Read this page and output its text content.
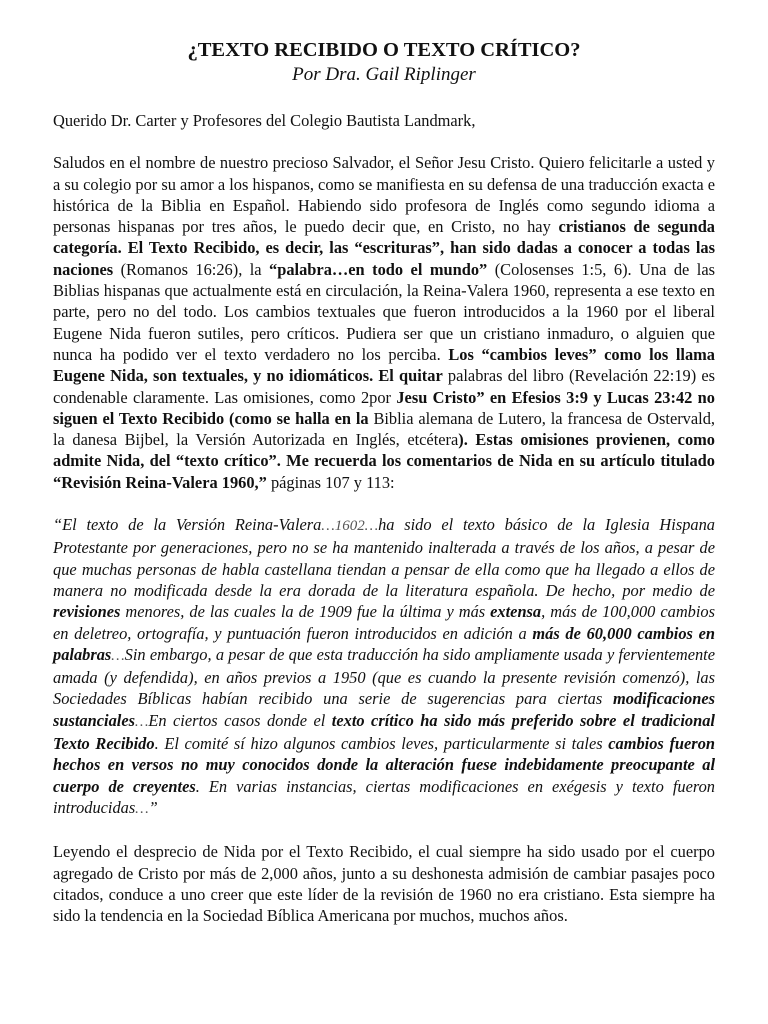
¿TEXTO RECIBIDO O TEXTO CRÍTICO?
Por Dra. Gail Riplinger

Querido Dr. Carter y Profesores del Colegio Bautista Landmark,

Saludos en el nombre de nuestro precioso Salvador, el Señor Jesu Cristo. Quiero felicitarle a usted y a su colegio por su amor a los hispanos, como se manifiesta en su defensa de una traducción exacta e histórica de la Biblia en Español. Habiendo sido profesora de Inglés como segundo idioma a personas hispanas por tres años, le puedo decir que, en Cristo, no hay cristianos de segunda categoría. El Texto Recibido, es decir, las “escrituras”, han sido dadas a conocer a todas las naciones (Romanos 16:26), la “palabra…en todo el mundo” (Colosenses 1:5, 6). Una de las Biblias hispanas que actualmente está en circulación, la Reina-Valera 1960, representa a ese texto en parte, pero no del todo. Los cambios textuales que fueron introducidos a la 1960 por el liberal Eugene Nida fueron sutiles, pero críticos. Pudiera ser que un cristiano inmaduro, o alguien que nunca ha podido ver el texto verdadero no los perciba. Los “cambios leves” como los llama Eugene Nida, son textuales, y no idiomáticos. El quitar palabras del libro (Revelación 22:19) es condenable claramente. Las omisiones, como 2por Jesu Cristo” en Efesios 3:9 y Lucas 23:42 no siguen el Texto Recibido (como se halla en la Biblia alemana de Lutero, la francesa de Ostervald, la danesa Bijbel, la Versión Autorizada en Inglés, etcétera). Estas omisiones provienen, como admite Nida, del “texto crítico”. Me recuerda los comentarios de Nida en su artículo titulado “Revisión Reina-Valera 1960,” páginas 107 y 113:

“El texto de la Versión Reina-Valera…1602…ha sido el texto básico de la Iglesia Hispana Protestante por generaciones, pero no se ha mantenido inalterada a través de los años, a pesar de que muchas personas de habla castellana tiendan a pensar de ella como que ha llegado a ellos de manera no modificada desde la era dorada de la literatura española. De hecho, por medio de revisiones menores, de las cuales la de 1909 fue la última y más extensa, más de 100,000 cambios en deletreo, ortografía, y puntuación fueron introducidos en adición a más de 60,000 cambios en palabras…Sin embargo, a pesar de que esta traducción ha sido ampliamente usada y fervientemente amada (y defendida), en años previos a 1950 (que es cuando la presente revisión comenzó), las Sociedades Bíblicas habían recibido una serie de sugerencias para ciertas modificaciones sustanciales…En ciertos casos donde el texto crítico ha sido más preferido sobre el tradicional Texto Recibido. El comité sí hizo algunos cambios leves, particularmente si tales cambios fueron hechos en versos no muy conocidos donde la alteración fuese indebidamente preocupante al cuerpo de creyentes. En varias instancias, ciertas modificaciones en exégesis y texto fueron introducidas…”

Leyendo el desprecio de Nida por el Texto Recibido, el cual siempre ha sido usado por el cuerpo agregado de Cristo por más de 2,000 años, junto a su deshonesta admisión de cambiar pasajes poco citados, conduce a uno creer que este líder de la revisión de 1960 no era cristiano. Esta siempre ha sido la tendencia en la Sociedad Bíblica Americana por muchos, muchos años.
